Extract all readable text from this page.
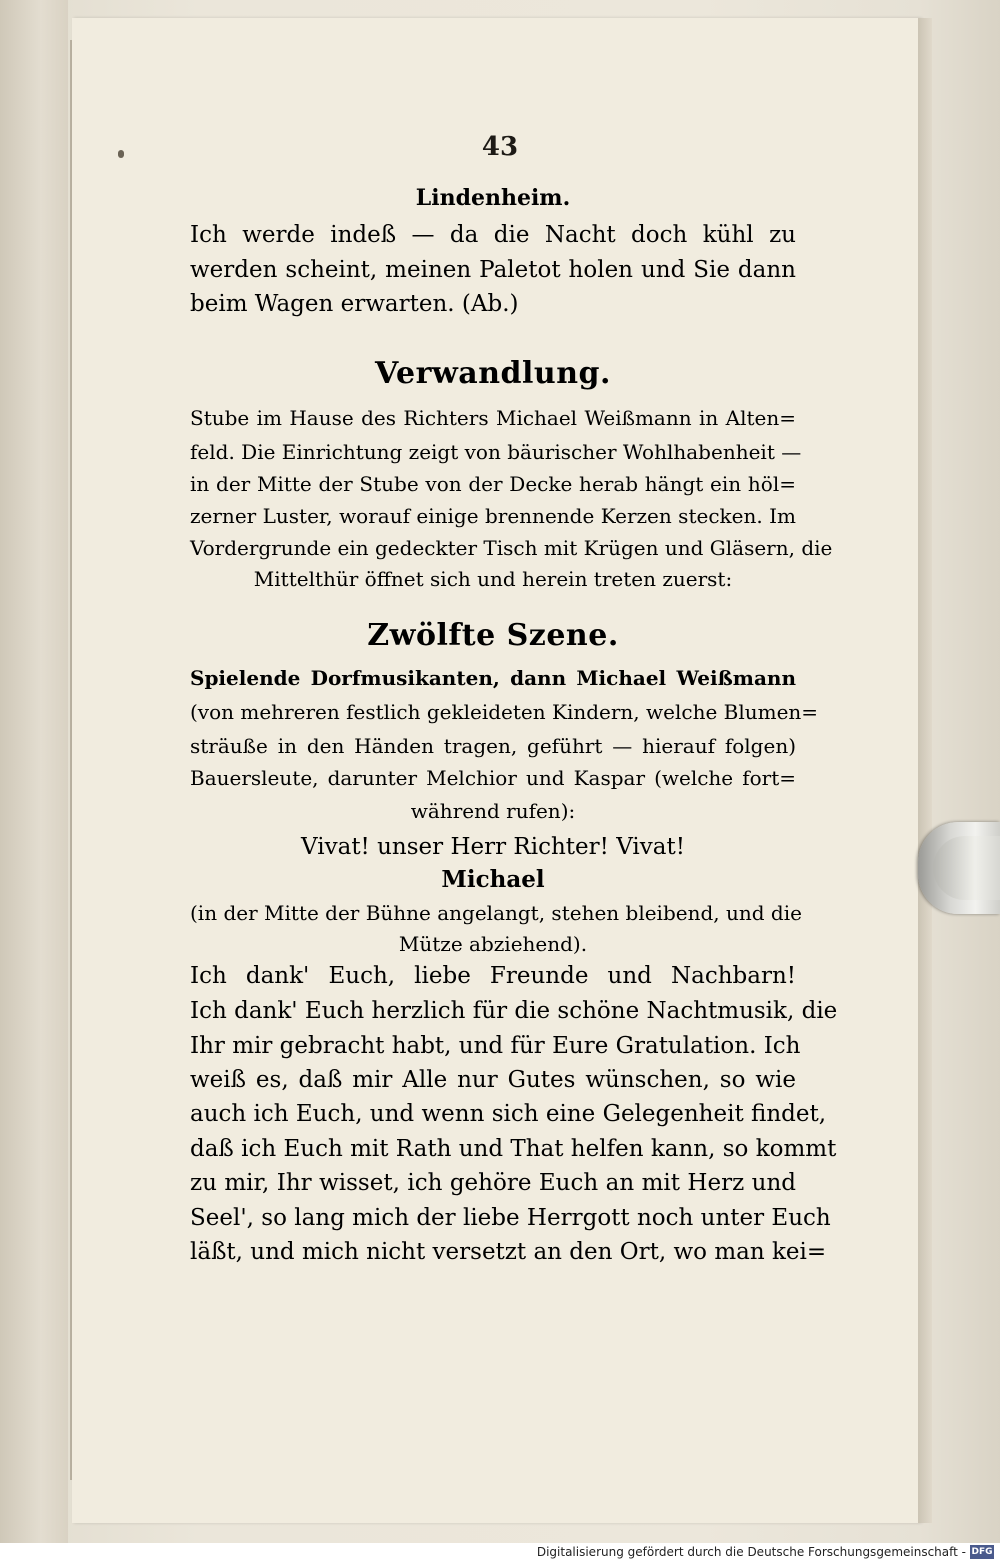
43
Lindenheim.
Ich werde indeß — da die Nacht doch kühl zu
werden scheint, meinen Paletot holen und Sie dann
beim Wagen erwarten. (Ab.)
Verwandlung.
Stube im Hause des Richters Michael Weißmann in Alten=
feld. Die Einrichtung zeigt von bäurischer Wohlhabenheit —
in der Mitte der Stube von der Decke herab hängt ein höl=
zerner Luster, worauf einige brennende Kerzen stecken. Im
Vordergrunde ein gedeckter Tisch mit Krügen und Gläsern, die
Mittelthür öffnet sich und herein treten zuerst:
Zwölfte Szene.
Spielende Dorfmusikanten, dann Michael Weißmann
(von mehreren festlich gekleideten Kindern, welche Blumen=
sträuße in den Händen tragen, geführt — hierauf folgen)
Bauersleute, darunter Melchior und Kaspar (welche fort=
während rufen):
Vivat! unser Herr Richter! Vivat!
Michael
(in der Mitte der Bühne angelangt, stehen bleibend, und die
Mütze abziehend).
Ich dank' Euch, liebe Freunde und Nachbarn!
Ich dank' Euch herzlich für die schöne Nachtmusik, die
Ihr mir gebracht habt, und für Eure Gratulation. Ich
weiß es, daß mir Alle nur Gutes wünschen, so wie
auch ich Euch, und wenn sich eine Gelegenheit findet,
daß ich Euch mit Rath und That helfen kann, so kommt
zu mir, Ihr wisset, ich gehöre Euch an mit Herz und
Seel', so lang mich der liebe Herrgott noch unter Euch
läßt, und mich nicht versetzt an den Ort, wo man kei=
Digitalisierung gefördert durch die Deutsche Forschungsgemeinschaft - DFG
